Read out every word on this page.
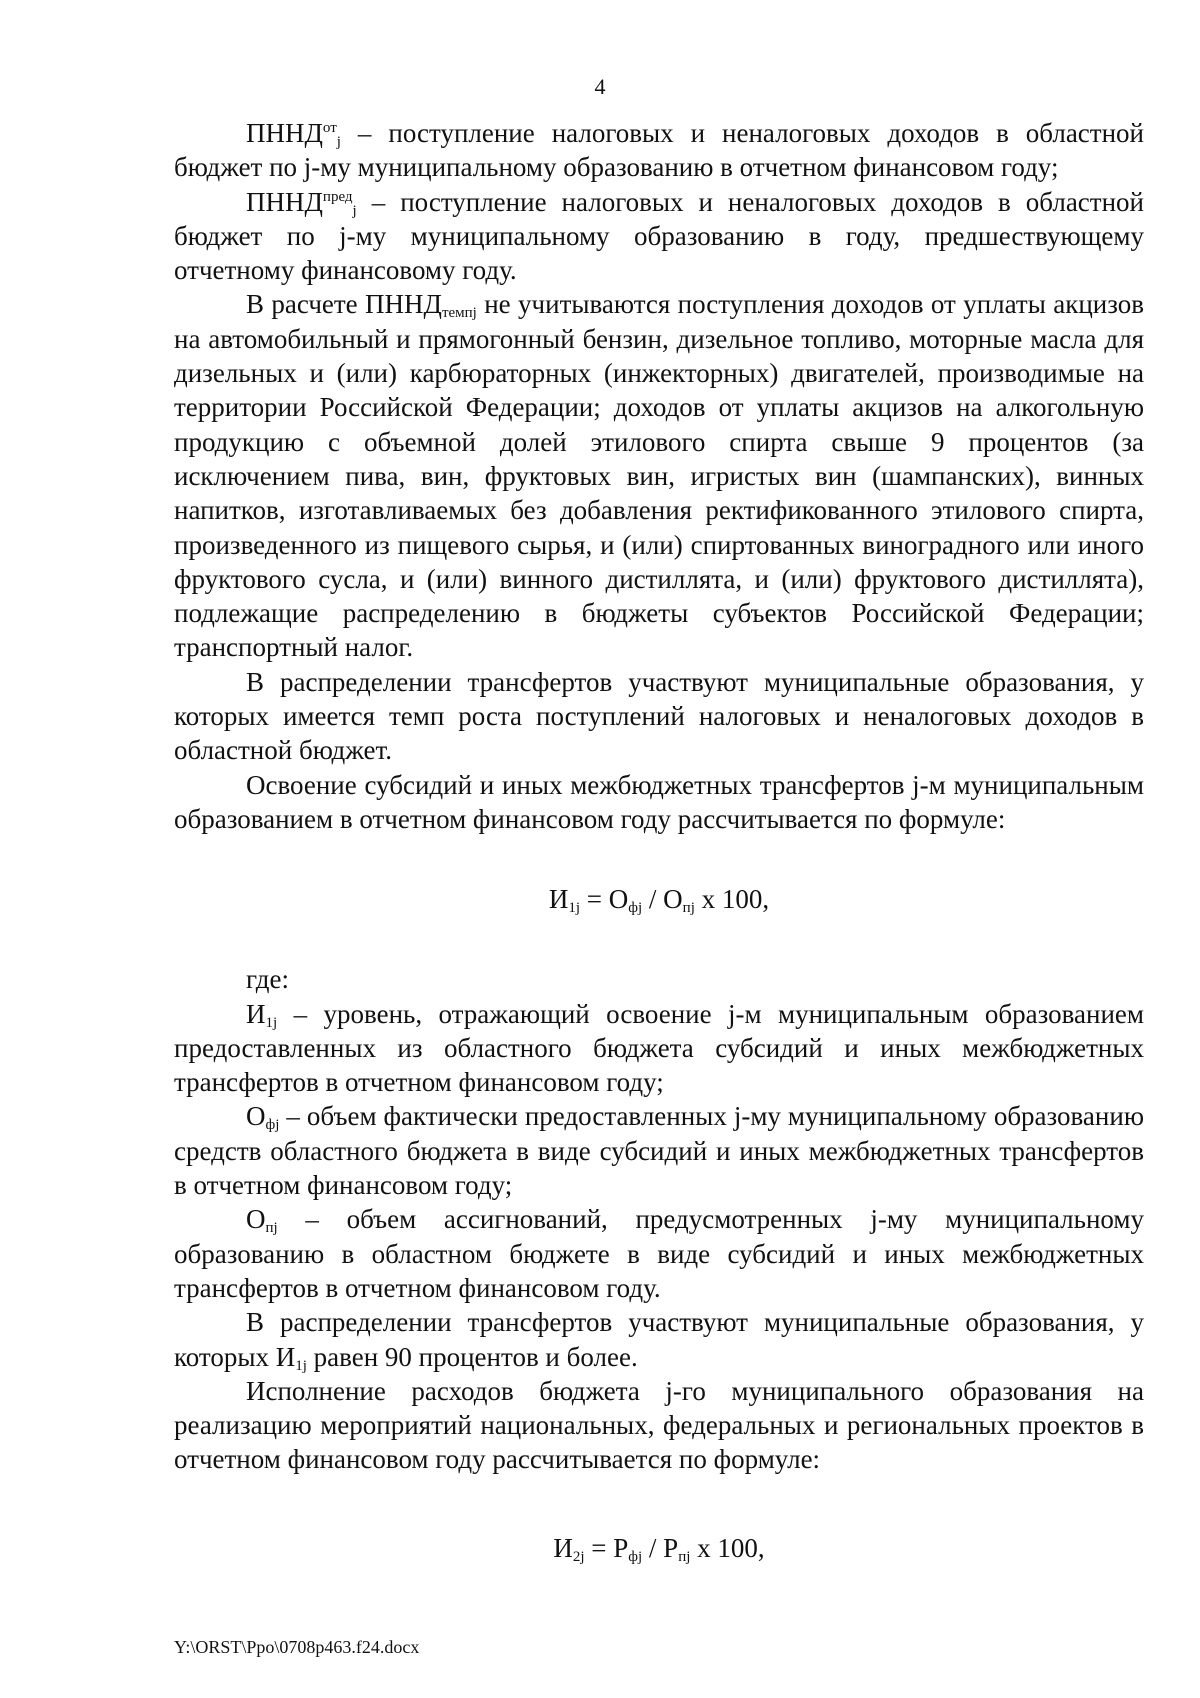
4

$ПННД^{от}_j$ – поступление налоговых и неналоговых доходов в областной бюджет по j-му муниципальному образованию в отчетном финансовом году;

$ПННД^{пред}_j$ – поступление налоговых и неналоговых доходов в областной бюджет по j-му муниципальному образованию в году, предшествующему отчетному финансовому году.

В расчете $ПННД_{темпj}$ не учитываются поступления доходов от уплаты акцизов на автомобильный и прямогонный бензин, дизельное топливо, моторные масла для дизельных и (или) карбюраторных (инжекторных) двигателей, производимые на территории Российской Федерации; доходов от уплаты акцизов на алкогольную продукцию с объемной долей этилового спирта свыше 9 процентов (за исключением пива, вин, фруктовых вин, игристых вин (шампанских), винных напитков, изготавливаемых без добавления ректификованного этилового спирта, произведенного из пищевого сырья, и (или) спиртованных виноградного или иного фруктового сусла, и (или) винного дистиллята, и (или) фруктового дистиллята), подлежащие распределению в бюджеты субъектов Российской Федерации; транспортный налог.

В распределении трансфертов участвуют муниципальные образования, у которых имеется темп роста поступлений налоговых и неналоговых доходов в областной бюджет.

Освоение субсидий и иных межбюджетных трансфертов j-м муниципальным образованием в отчетном финансовом году рассчитывается по формуле:

$И_{1j} = О_{фj} / О_{пj}$ х 100,

где:

$И_{1j}$ – уровень, отражающий освоение j-м муниципальным образованием предоставленных из областного бюджета субсидий и иных межбюджетных трансфертов в отчетном финансовом году;

$О_{фj}$ – объем фактически предоставленных j-му муниципальному образованию средств областного бюджета в виде субсидий и иных межбюджетных трансфертов в отчетном финансовом году;

$О_{пj}$ – объем ассигнований, предусмотренных j-му муниципальному образованию в областном бюджете в виде субсидий и иных межбюджетных трансфертов в отчетном финансовом году.

В распределении трансфертов участвуют муниципальные образования, у которых $И_{1j}$ равен 90 процентов и более.

Исполнение расходов бюджета j-го муниципального образования на реализацию мероприятий национальных, федеральных и региональных проектов в отчетном финансовом году рассчитывается по формуле:

$И_{2j} = Р_{фj} / Р_{пj}$ х 100,
Y:\ORST\Ppo\0708p463.f24.docx
